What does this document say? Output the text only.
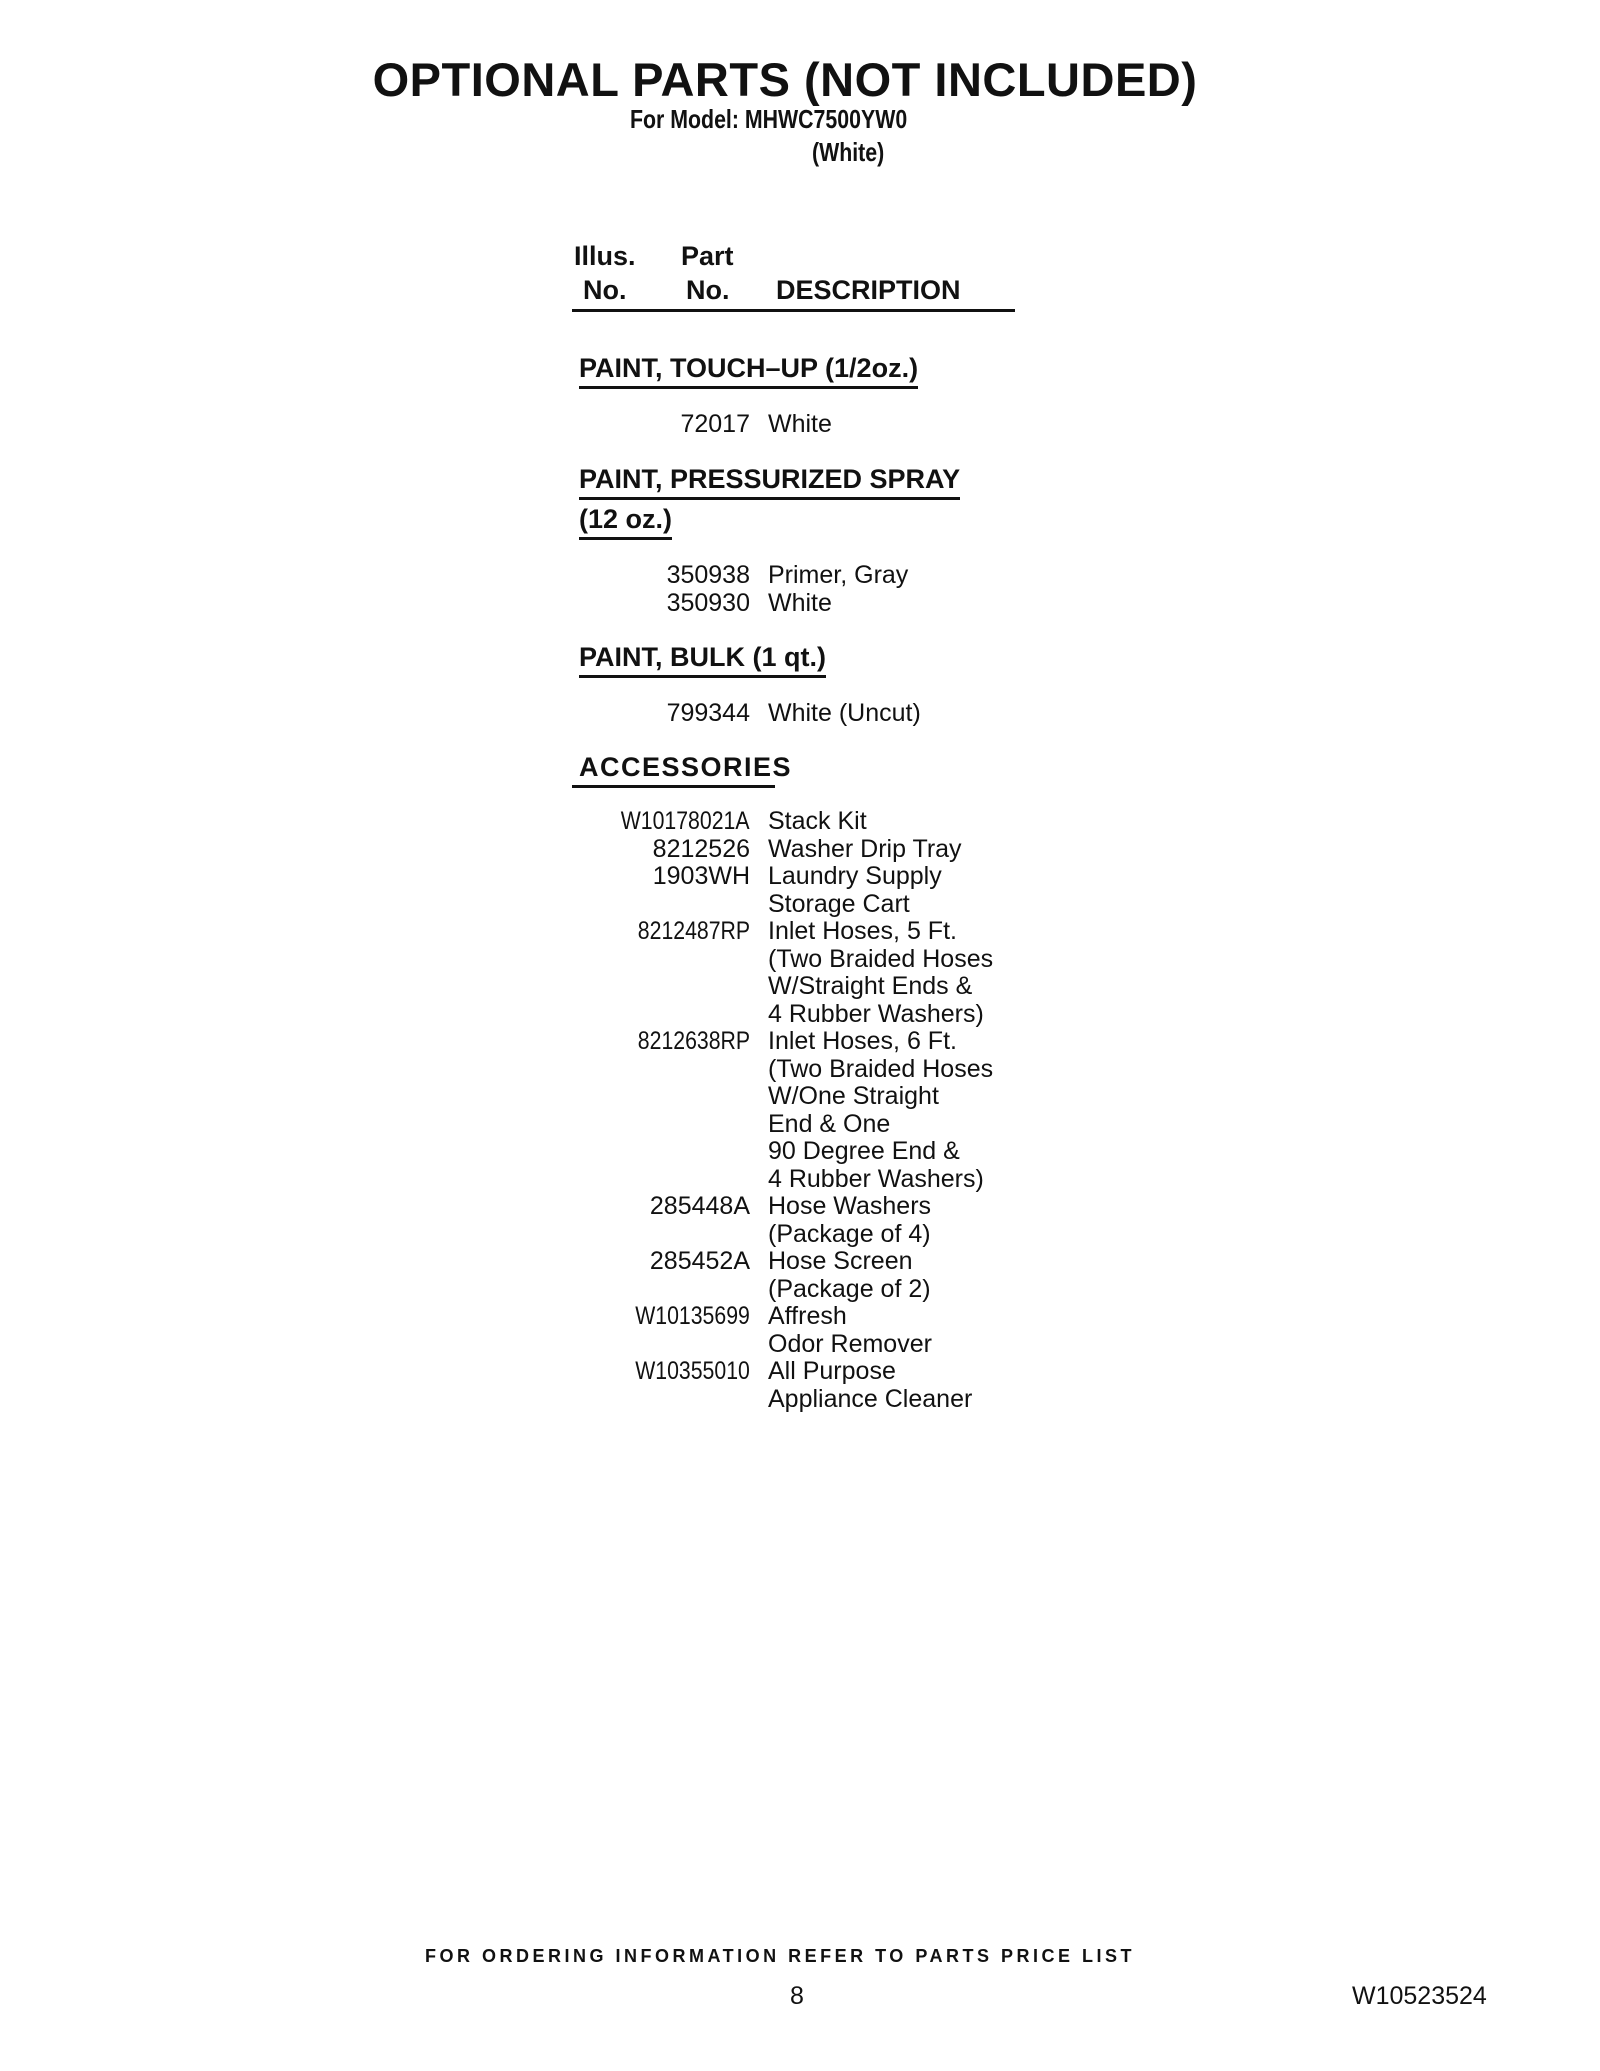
OPTIONAL PARTS (NOT INCLUDED)
For Model: MHWC7500YW0
(White)
Illus.
No.
Part
No. DESCRIPTION
PAINT, TOUCH–UP (1/2oz.)
72017 White
PAINT, PRESSURIZED SPRAY
(12 oz.)
350938 Primer, Gray
350930 White
PAINT, BULK (1 qt.)
799344 White (Uncut)
ACCESSORIES
W10178021A Stack Kit
8212526 Washer Drip Tray
1903WH Laundry Supply
Storage Cart
8212487RP Inlet Hoses, 5 Ft.
(Two Braided Hoses
W/Straight Ends &
4 Rubber Washers)
8212638RP Inlet Hoses, 6 Ft.
(Two Braided Hoses
W/One Straight
End & One
90 Degree End &
4 Rubber Washers)
285448A Hose Washers
(Package of 4)
285452A Hose Screen
(Package of 2)
W10135699 Affresh
Odor Remover
W10355010 All Purpose
Appliance Cleaner
FOR ORDERING INFORMATION REFER TO PARTS PRICE LIST
8	W10523524
